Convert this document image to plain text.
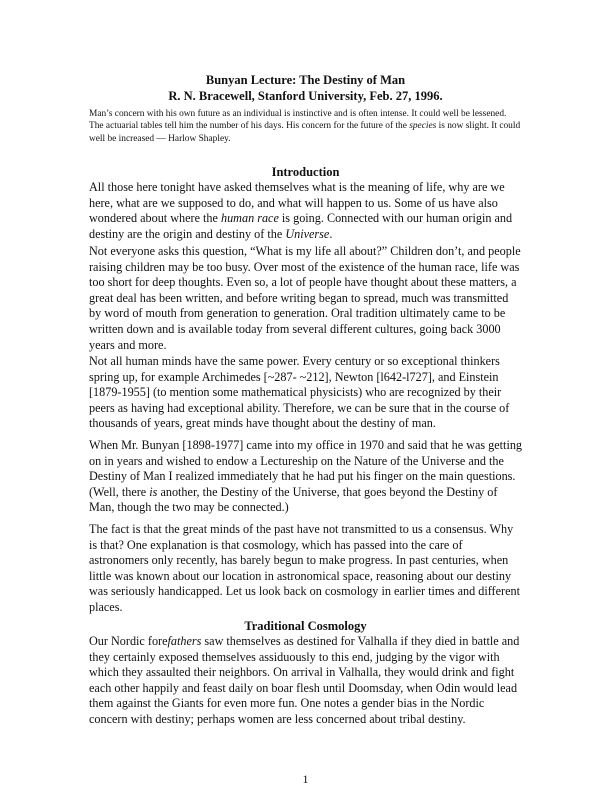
Bunyan Lecture: The Destiny of Man
R. N. Bracewell, Stanford University, Feb. 27, 1996.
Man’s concern with his own future as an individual is instinctive and is often intense. It could well be lessened. The actuarial tables tell him the number of his days. His concern for the future of the species is now slight. It could well be increased — Harlow Shapley.
Introduction
All those here tonight have asked themselves what is the meaning of life, why are we here, what are we supposed to do, and what will happen to us. Some of us have also wondered about where the human race is going. Connected with our human origin and destiny are the origin and destiny of the Universe.
Not everyone asks this question, “What is my life all about?” Children don’t, and people raising children may be too busy. Over most of the existence of the human race, life was too short for deep thoughts. Even so, a lot of people have thought about these matters, a great deal has been written, and before writing began to spread, much was transmitted by word of mouth from generation to generation. Oral tradition ultimately came to be written down and is available today from several different cultures, going back 3000 years and more.
Not all human minds have the same power. Every century or so exceptional thinkers spring up, for example Archimedes [~287- ~212], Newton [l642-l727], and Einstein [1879-1955] (to mention some mathematical physicists) who are recognized by their peers as having had exceptional ability. Therefore, we can be sure that in the course of thousands of years, great minds have thought about the destiny of man.
When Mr. Bunyan [1898-1977] came into my office in 1970 and said that he was getting on in years and wished to endow a Lectureship on the Nature of the Universe and the Destiny of Man I realized immediately that he had put his finger on the main questions. (Well, there is another, the Destiny of the Universe, that goes beyond the Destiny of Man, though the two may be connected.)
The fact is that the great minds of the past have not transmitted to us a consensus. Why is that? One explanation is that cosmology, which has passed into the care of astronomers only recently, has barely begun to make progress. In past centuries, when little was known about our location in astronomical space, reasoning about our destiny was seriously handicapped. Let us look back on cosmology in earlier times and different places.
Traditional Cosmology
Our Nordic forefathers saw themselves as destined for Valhalla if they died in battle and they certainly exposed themselves assiduously to this end, judging by the vigor with which they assaulted their neighbors. On arrival in Valhalla, they would drink and fight each other happily and feast daily on boar flesh until Doomsday, when Odin would lead them against the Giants for even more fun. One notes a gender bias in the Nordic concern with destiny; perhaps women are less concerned about tribal destiny.
1
